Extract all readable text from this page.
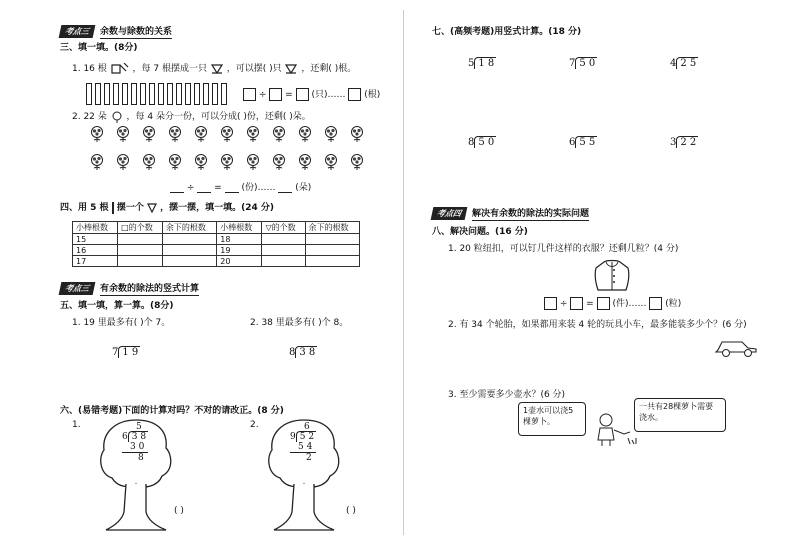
考点三	余数与除数的关系
三、填一填。(8分)
1. 16 根	，每 7 根摆成一只 ，可以摆( )只 ，还剩( )根。
÷ = (只)…… (根)
2. 22 朵 ，每 4 朵分一份，可以分成( )份，还剩( )朵。
÷ = (份)…… (朵)
四、用 5 根 摆一个 ，摆一摆，填一填。(24 分)
小棒根数	□的个数	余下的根数	小棒根数	▽的个数	余下的根数
15			18		
16			19		
17			20		
考点三	有余数的除法的竖式计算
五、填一填，算一算。(8分)
1. 19 里最多有( )个 7。	2. 38 里最多有( )个 8。
7 1 9	8 3 8
六、(易错考题)下面的计算对吗？不对的请改正。(8 分)
1.	2.
5
6 3 8
3 0
8
( )
6
9 5 2
5 4
2
( )
七、(高频考题)用竖式计算。(18 分)
5 1 8	7 5 0	4 2 5
8 5 0	6 5 5	3 2 2
考点四	解决有余数的除法的实际问题
八、解决问题。(16 分)
1. 20 粒纽扣，可以钉几件这样的衣服？还剩几粒？(4 分)
÷ = (件)…… (粒)
2. 有 34 个轮胎，如果都用来装 4 轮的玩具小车，最多能装多少个？(6 分)
3. 至少需要多少壶水？(6 分)
1壶水可以浇5棵萝卜。
一共有28棵萝卜需要浇水。
